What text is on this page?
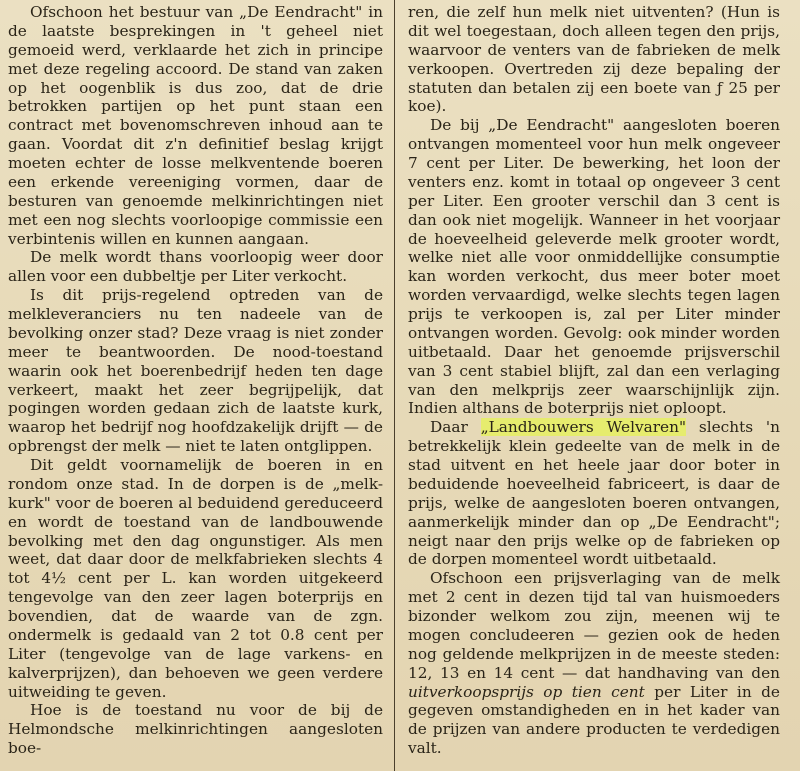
Ofschoon het bestuur van „De Eendracht" in de laatste besprekingen in 't geheel niet gemoeid werd, verklaarde het zich in principe met deze regeling accoord. De stand van zaken op het oogenblik is dus zoo, dat de drie betrokken partijen op het punt staan een contract met bovenomschreven inhoud aan te gaan. Voordat dit z'n definitief beslag krijgt moeten echter de losse melkventende boeren een erkende vereeniging vormen, daar de besturen van genoemde melkinrichtingen niet met een nog slechts voorloopige commissie een verbintenis willen en kunnen aangaan.

De melk wordt thans voorloopig weer door allen voor een dubbeltje per Liter verkocht.

Is dit prijs-regelend optreden van de melkleveranciers nu ten nadeele van de bevolking onzer stad? Deze vraag is niet zonder meer te beantwoorden. De nood-toestand waarin ook het boerenbedrijf heden ten dage verkeert, maakt het zeer begrijpelijk, dat pogingen worden gedaan zich de laatste kurk, waarop het bedrijf nog hoofdzakelijk drijft — de opbrengst der melk — niet te laten ontglippen.

Dit geldt voornamelijk de boeren in en rondom onze stad. In de dorpen is de „melk-kurk" voor de boeren al beduidend gereduceerd en wordt de toestand van de landbouwende bevolking met den dag ongunstiger. Als men weet, dat daar door de melkfabrieken slechts 4 tot 4½ cent per L. kan worden uitgekeerd tengevolge van den zeer lagen boterprijs en bovendien, dat de waarde van de zgn. ondermelk is gedaald van 2 tot 0.8 cent per Liter (tengevolge van de lage varkens- en kalverprijzen), dan behoeven we geen verdere uitweiding te geven.

Hoe is de toestand nu voor de bij de Helmondsche melkinrichtingen aangesloten boe-

ren, die zelf hun melk niet uitventen? (Hun is dit wel toegestaan, doch alleen tegen den prijs, waarvoor de venters van de fabrieken de melk verkoopen. Overtreden zij deze bepaling der statuten dan betalen zij een boete van ƒ 25 per koe).

De bij „De Eendracht" aangesloten boeren ontvangen momenteel voor hun melk ongeveer 7 cent per Liter. De bewerking, het loon der venters enz. komt in totaal op ongeveer 3 cent per Liter. Een grooter verschil dan 3 cent is dan ook niet mogelijk. Wanneer in het voorjaar de hoeveelheid geleverde melk grooter wordt, welke niet alle voor onmiddellijke consumptie kan worden verkocht, dus meer boter moet worden vervaardigd, welke slechts tegen lagen prijs te verkoopen is, zal per Liter minder ontvangen worden. Gevolg: ook minder worden uitbetaald. Daar het genoemde prijsverschil van 3 cent stabiel blijft, zal dan een verlaging van den melkprijs zeer waarschijnlijk zijn. Indien althans de boterprijs niet oploopt.

Daar „Landbouwers Welvaren" slechts 'n betrekkelijk klein gedeelte van de melk in de stad uitvent en het heele jaar door boter in beduidende hoeveelheid fabriceert, is daar de prijs, welke de aangesloten boeren ontvangen, aanmerkelijk minder dan op „De Eendracht"; neigt naar den prijs welke op de fabrieken op de dorpen momenteel wordt uitbetaald.

Ofschoon een prijsverlaging van de melk met 2 cent in dezen tijd tal van huismoeders bizonder welkom zou zijn, meenen wij te mogen concludeeren — gezien ook de heden nog geldende melkprijzen in de meeste steden: 12, 13 en 14 cent — dat handhaving van den uitverkoopsprijs op tien cent per Liter in de gegeven omstandigheden en in het kader van de prijzen van andere producten te verdedigen valt.
